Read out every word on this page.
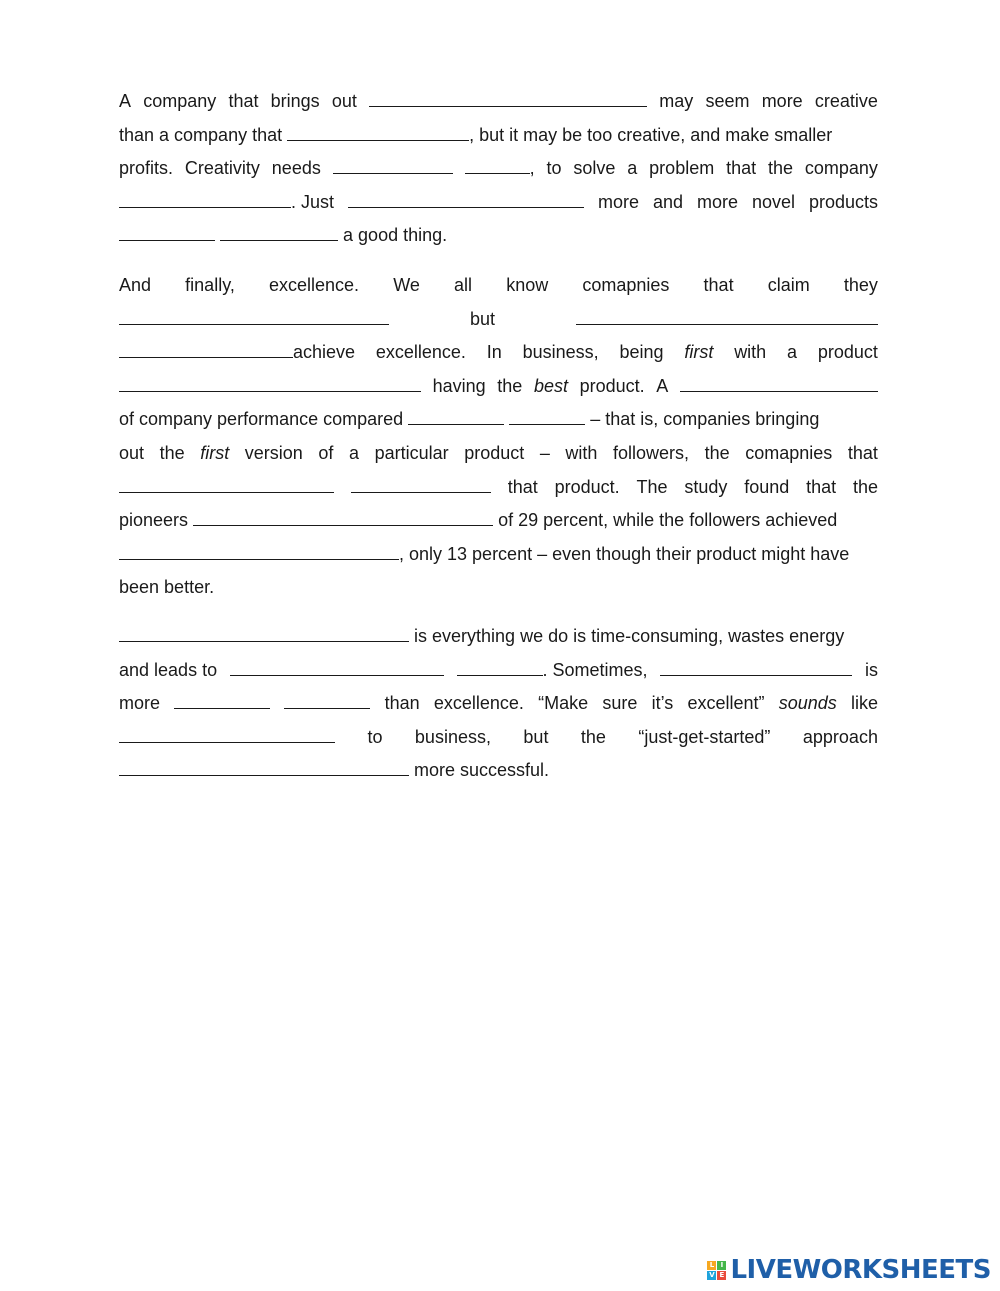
A company that brings out	may seem more creative
than a company that	, but it may be too creative, and make smaller
profits. Creativity needs	, to solve a problem that the company
. Just	more and more novel products
a good thing.
And finally, excellence. We all know comapnies that claim they
but
achieve excellence. In business, being first with a product
having the best product. A
of company performance compared	– that is, companies bringing
out the first version of a particular product – with followers, the comapnies that
that product. The study found that the
pioneers	of 29 percent, while the followers achieved
, only 13 percent – even though their product might have
been better.
is everything we do is time-consuming, wastes energy
and leads to	. Sometimes,	is
more	than excellence. “Make sure it’s excellent” sounds like
to business, but the “just-get-started” approach
more successful.
L I
V E LIVEWORKSHEETS
